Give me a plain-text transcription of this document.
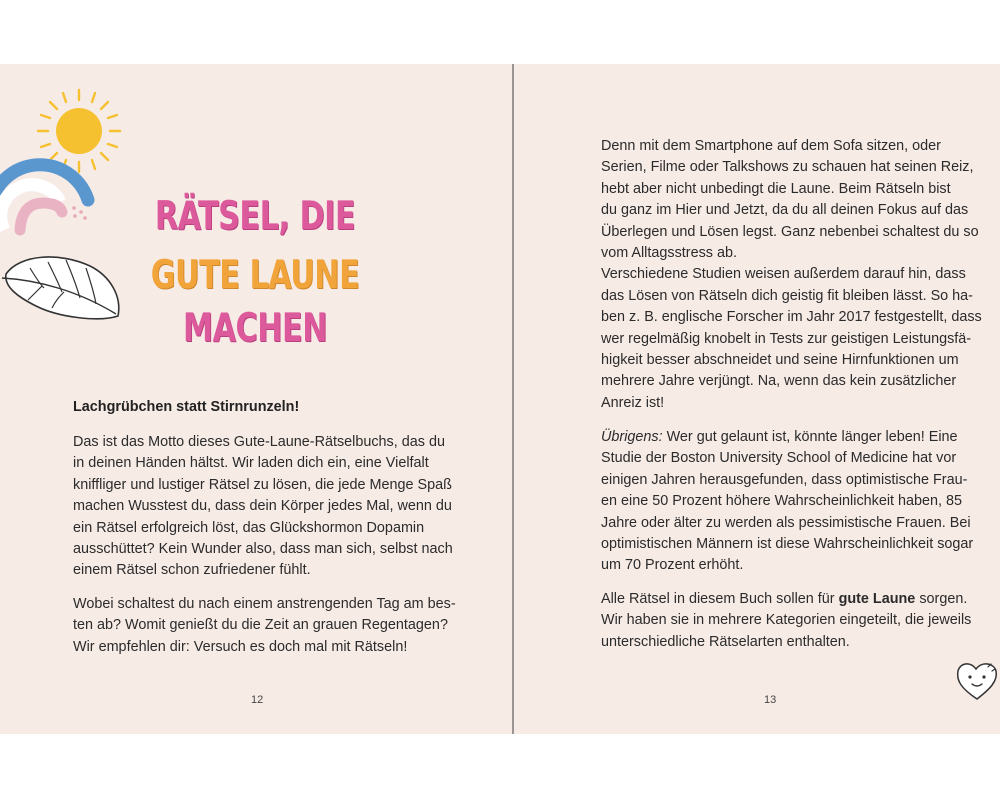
RÄTSEL, DIE
GUTE LAUNE
MACHEN

Lachgrübchen statt Stirnrunzeln!

Das ist das Motto dieses Gute-Laune-Rätselbuchs, das du
in deinen Händen hältst. Wir laden dich ein, eine Vielfalt
kniffliger und lustiger Rätsel zu lösen, die jede Menge Spaß
machen Wusstest du, dass dein Körper jedes Mal, wenn du
ein Rätsel erfolgreich löst, das Glückshormon Dopamin
ausschüttet? Kein Wunder also, dass man sich, selbst nach
einem Rätsel schon zufriedener fühlt.

Wobei schaltest du nach einem anstrengenden Tag am bes-
ten ab? Womit genießt du die Zeit an grauen Regentagen?
Wir empfehlen dir: Versuch es doch mal mit Rätseln!

12

Denn mit dem Smartphone auf dem Sofa sitzen, oder
Serien, Filme oder Talkshows zu schauen hat seinen Reiz,
hebt aber nicht unbedingt die Laune. Beim Rätseln bist
du ganz im Hier und Jetzt, da du all deinen Fokus auf das
Überlegen und Lösen legst. Ganz nebenbei schaltest du so
vom Alltagsstress ab.
Verschiedene Studien weisen außerdem darauf hin, dass
das Lösen von Rätseln dich geistig fit bleiben lässt. So ha-
ben z. B. englische Forscher im Jahr 2017 festgestellt, dass
wer regelmäßig knobelt in Tests zur geistigen Leistungsfä-
higkeit besser abschneidet und seine Hirnfunktionen um
mehrere Jahre verjüngt. Na, wenn das kein zusätzlicher
Anreiz ist!

Übrigens: Wer gut gelaunt ist, könnte länger leben! Eine
Studie der Boston University School of Medicine hat vor
einigen Jahren herausgefunden, dass optimistische Frau-
en eine 50 Prozent höhere Wahrscheinlichkeit haben, 85
Jahre oder älter zu werden als pessimistische Frauen. Bei
optimistischen Männern ist diese Wahrscheinlichkeit sogar
um 70 Prozent erhöht.

Alle Rätsel in diesem Buch sollen für gute Laune sorgen.
Wir haben sie in mehrere Kategorien eingeteilt, die jeweils
unterschiedliche Rätselarten enthalten.

13
